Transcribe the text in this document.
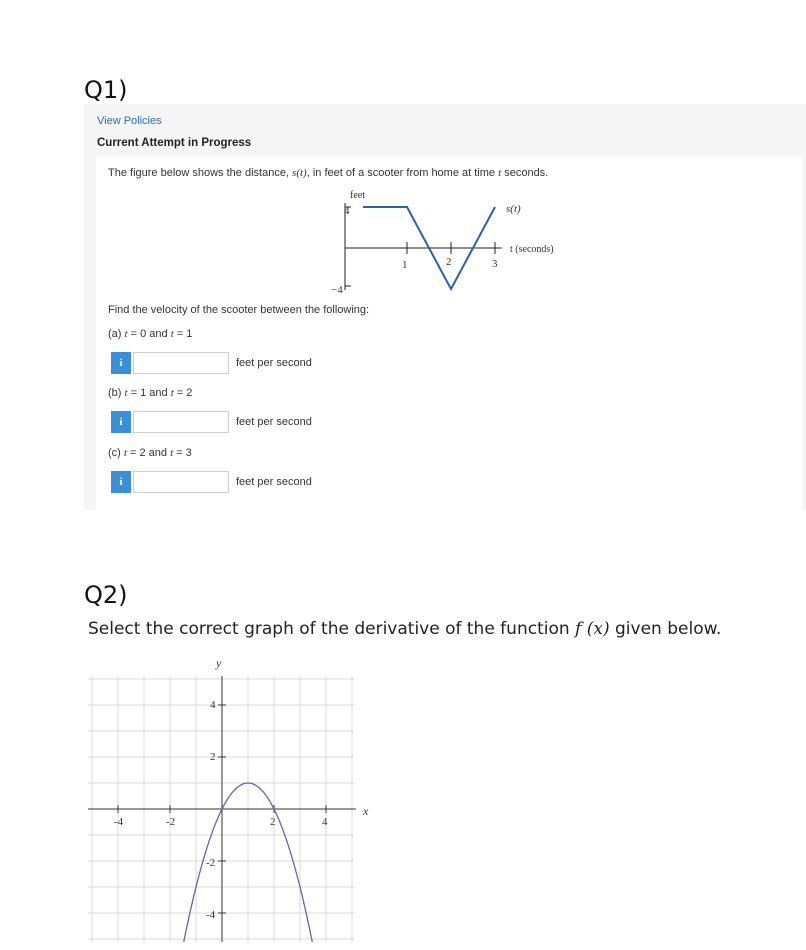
Q1)
View Policies
Current Attempt in Progress
The figure below shows the distance, s(t), in feet of a scooter from home at time t seconds.
feet
4
−4
1	2	3
s(t)
t (seconds)
Find the velocity of the scooter between the following:
(a) t = 0 and t = 1
i	feet per second
(b) t = 1 and t = 2
i	feet per second
(c) t = 2 and t = 3
i	feet per second
Q2)
Select the correct graph of the derivative of the function f (x) given below.
x
y
-4	-2	2	4
4
2
-2
-4
